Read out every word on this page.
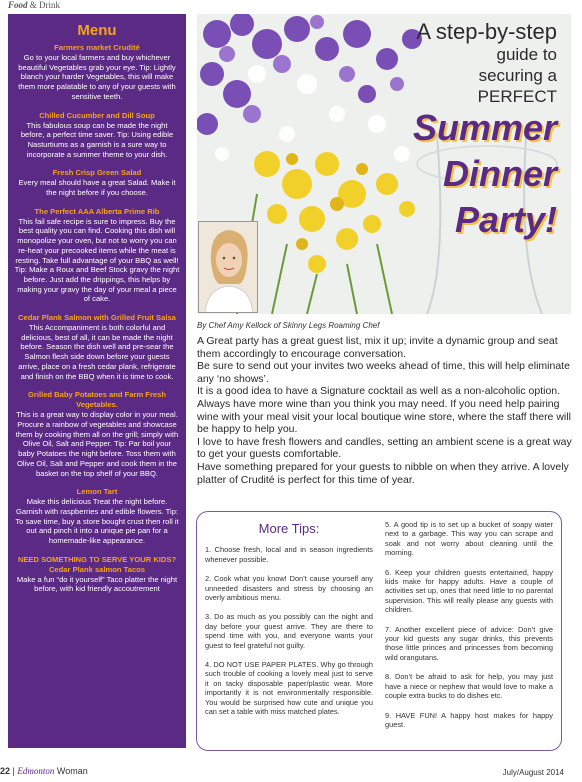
Food & Drink
Menu
Farmers market Crudité
Go to your local farmers and buy whichever beautiful Vegetables grab your eye. Tip: Lightly blanch your harder Vegetables, this will make them more palatable to any of your guests with sensitive teeth.
Chilled Cucumber and Dill Soup
This fabulous soup can be made the night before, a perfect time saver. Tip: Using edible Nasturtiums as a garnish is a sure way to incorporate a summer theme to your dish.
Fresh Crisp Green Salad
Every meal should have a great Salad. Make it the night before if you choose.
The Perfect AAA Alberta Prime Rib
This fail safe recipe is sure to impress. Buy the best quality you can find. Cooking this dish will monopolize your oven, but not to worry you can re-heat your precooked items while the meat is resting. Take full advantage of your BBQ as well! Tip: Make a Roux and Beef Stock gravy the night before. Just add the drippings, this helps by making your gravy the day of your meal a piece of cake.
Cedar Plank Salmon with Grilled Fruit Salsa
This Accompaniment is both colorful and delicious, best of all, it can be made the night before. Season the dish well and pre-sear the Salmon flesh side down before your guests arrive, place on a fresh cedar plank, refrigerate and finish on the BBQ when it is time to cook.
Grilled Baby Potatoes and Farm Fresh Vegetables.
This is a great way to display color in your meal. Procure a rainbow of vegetables and showcase them by cooking them all on the grill; simply with Olive Oil, Salt and Pepper. Tip: Par boil your baby Potatoes the night before. Toss them with Olive Oil, Salt and Pepper and cook them in the basket on the top shelf of your BBQ.
Lemon Tart
Make this delicious Treat the night before. Garnish with raspberries and edible flowers. Tip: To save time, buy a store bought crust then roll it out and pinch it into a unique pie pan for a homemade-like appearance.
NEED SOMETHING TO SERVE YOUR KIDS? Cedar Plank salmon Tacos
Make a fun “do it yourself” Taco platter the night before, with kid friendly accoutrement
A step-by-step
guide to
securing a
PERFECT
Summer
Dinner
Party!
By Chef Amy Kellock of Skinny Legs Roaming Chef

A Great party has a great guest list, mix it up; invite a dynamic group and seat them accordingly to encourage conversation.

Be sure to send out your invites two weeks ahead of time, this will help eliminate any ‘no shows’.

It is a good idea to have a Signature cocktail as well as a non-alcoholic option. Always have more wine than you think you may need. If you need help pairing wine with your meal visit your local boutique wine store, where the staff there will be happy to help you.

I love to have fresh flowers and candles, setting an ambient scene is a great way to get your guests comfortable.

Have something prepared for your guests to nibble on when they arrive. A lovely platter of Crudité is perfect for this time of year.

More Tips:

1. Choose fresh, local and in season ingredients whenever possible.

2. Cook what you know! Don’t cause yourself any unneeded disasters and stress by choosing an overly ambitious menu.

3. Do as much as you possibly can the night and day before your guest arrive. They are there to spend time with you, and everyone wants your guest to feel grateful not guilty.

4. DO NOT USE PAPER PLATES. Why go through such trouble of cooking a lovely meal just to serve it on tacky disposable paper/plastic wear. More importantly it is not environmentally responsible. You would be surprised how cute and unique you can set a table with miss matched plates.

5. A good tip is to set up a bucket of soapy water next to a garbage. This way you can scrape and soak and not worry about cleaning until the morning.

6. Keep your children guests entertained, happy kids make for happy adults. Have a couple of activities set up, ones that need little to no parental supervision. This will really please any guests with children.

7. Another excellent piece of advice: Don’t give your kid guests any sugar drinks, this prevents those little princes and princesses from becoming wild orangutans.

8. Don’t be afraid to ask for help, you may just have a niece or nephew that would love to make a couple extra bucks to do dishes etc.

9. HAVE FUN! A happy host makes for happy guest.

22 | Edmonton Woman	July/August 2014
